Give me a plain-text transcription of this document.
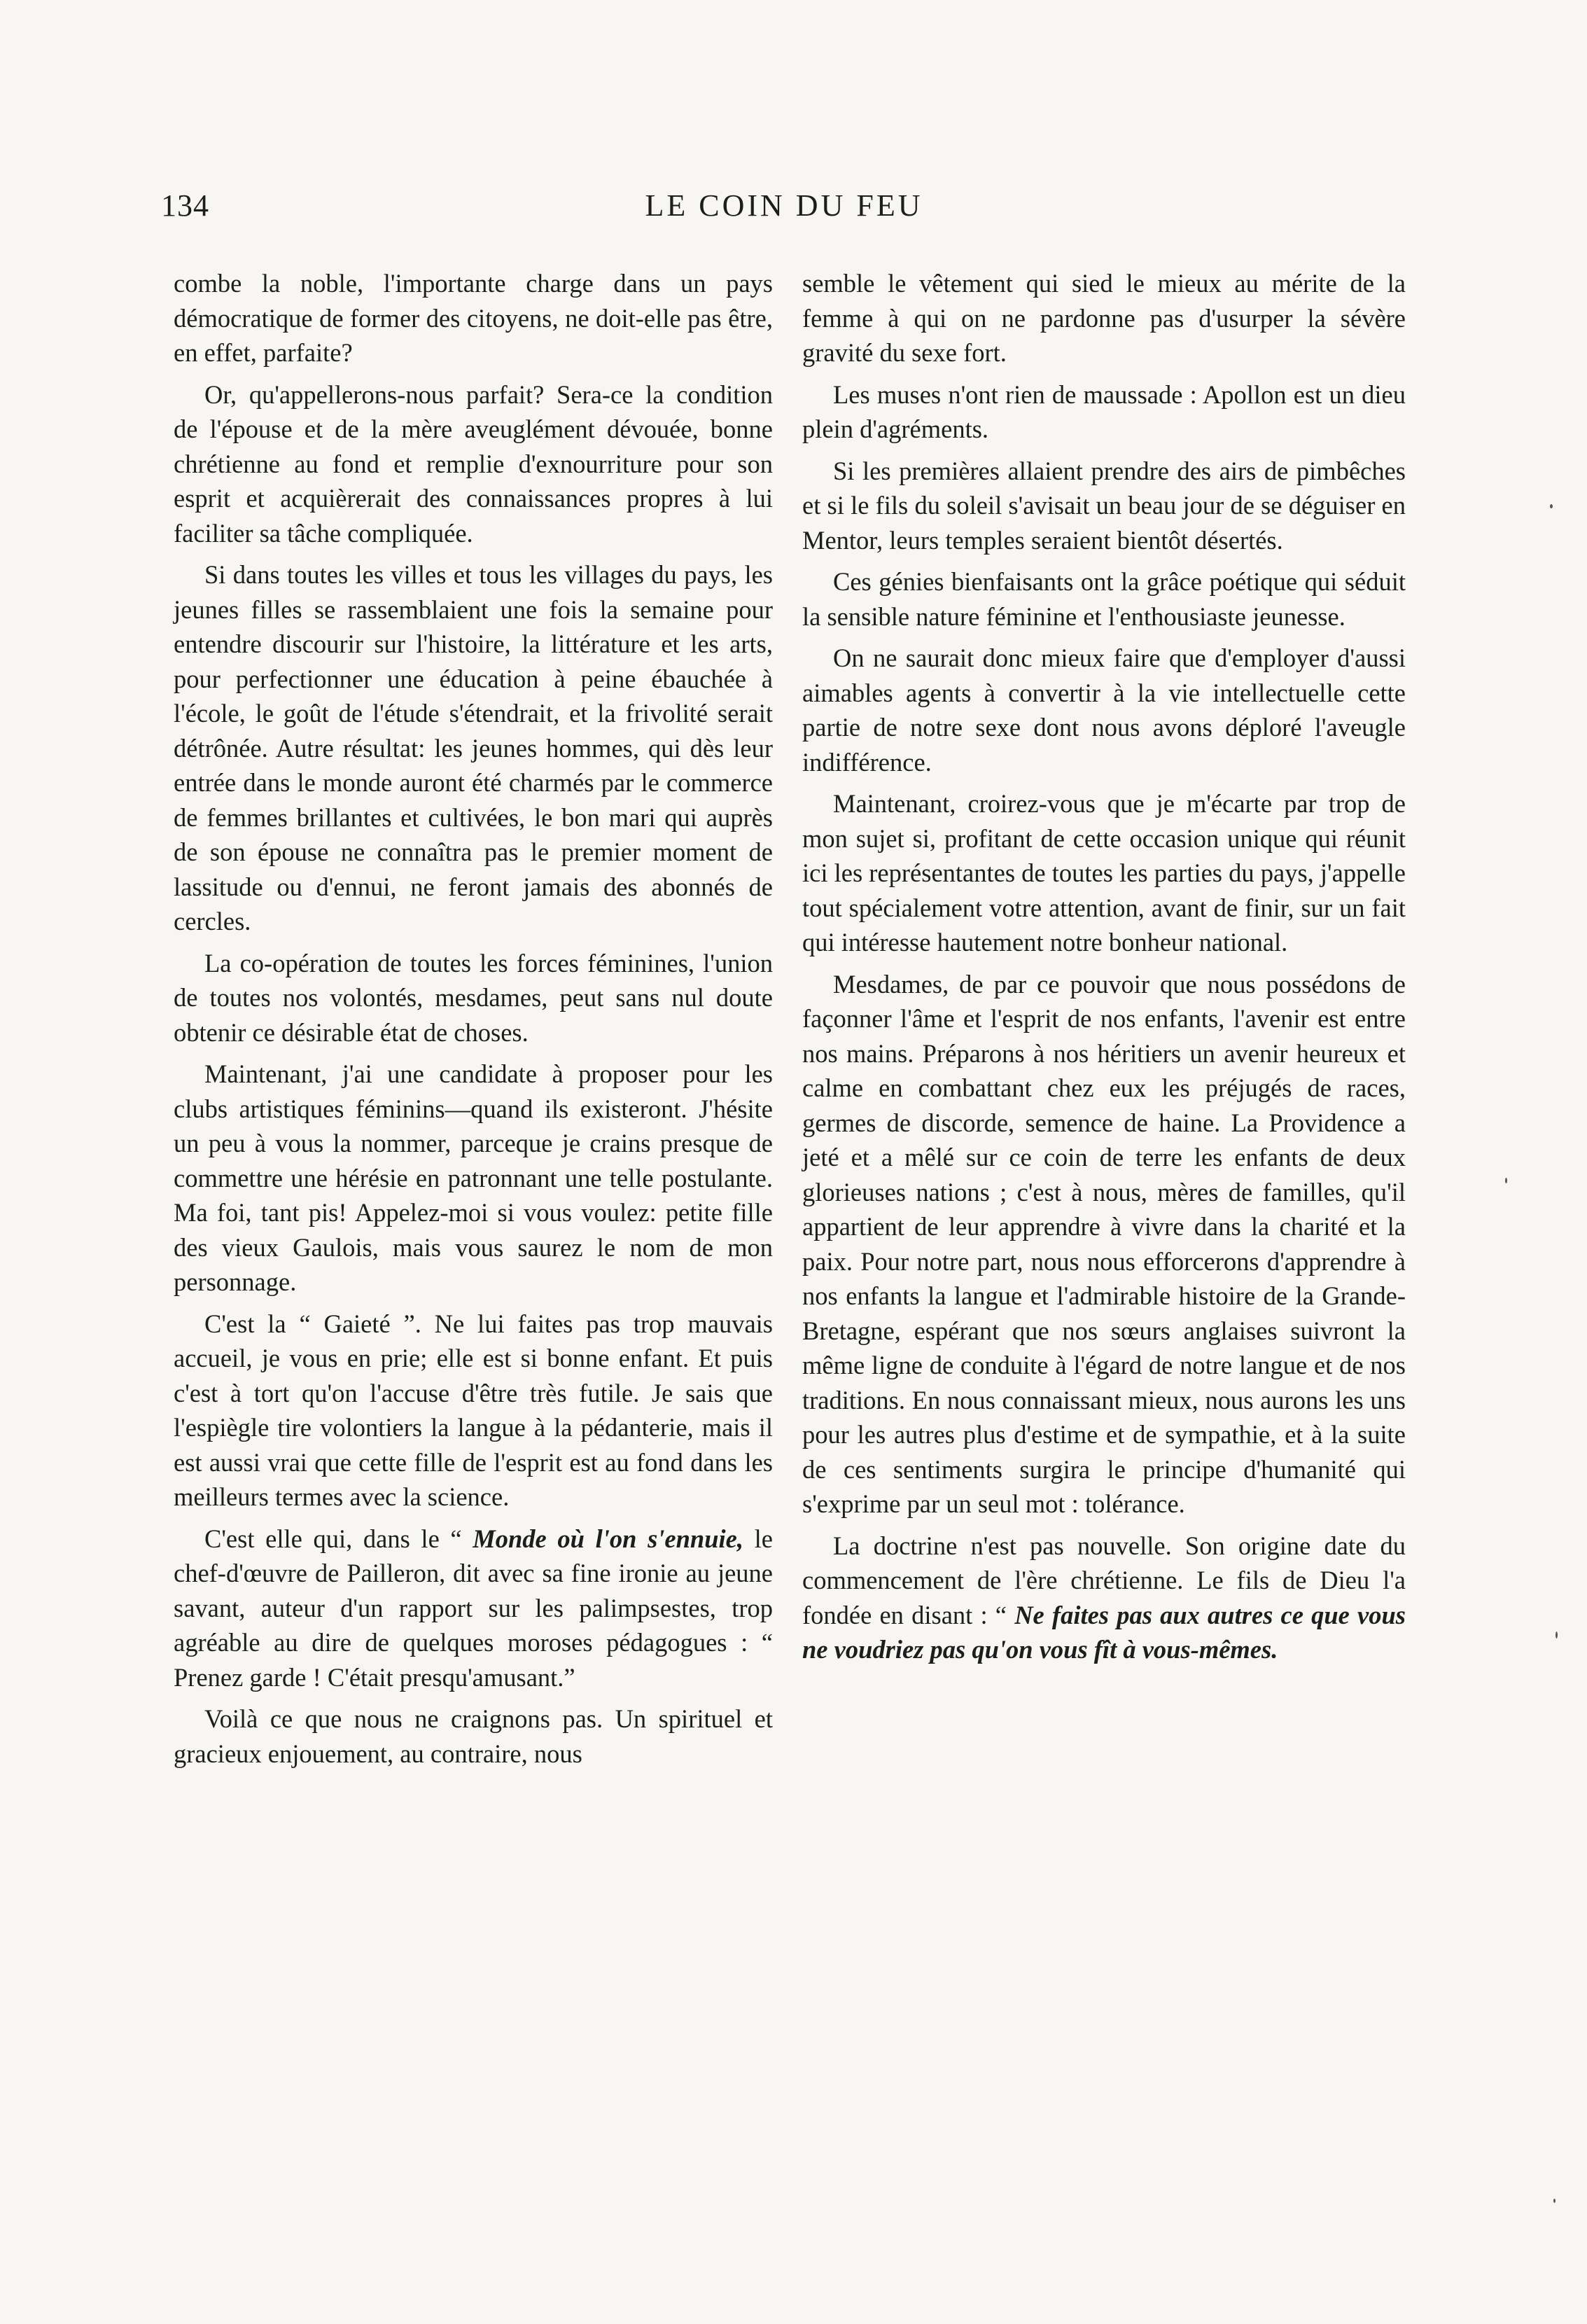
134	LE COIN DU FEU

combe la noble, l'importante charge dans un pays démocratique de former des citoyens, ne doit-elle pas être, en effet, parfaite?

Or, qu'appellerons-nous parfait? Sera-ce la condition de l'épouse et de la mère aveuglément dévouée, bonne chrétienne au fond et remplie d'exnourriture pour son esprit et acquièrerait des connaissances propres à lui faciliter sa tâche compliquée.

Si dans toutes les villes et tous les villages du pays, les jeunes filles se rassemblaient une fois la semaine pour entendre discourir sur l'histoire, la littérature et les arts, pour perfectionner une éducation à peine ébauchée à l'école, le goût de l'étude s'étendrait, et la frivolité serait détrônée. Autre résultat: les jeunes hommes, qui dès leur entrée dans le monde auront été charmés par le commerce de femmes brillantes et cultivées, le bon mari qui auprès de son épouse ne connaîtra pas le premier moment de lassitude ou d'ennui, ne feront jamais des abonnés de cercles.

La co-opération de toutes les forces féminines, l'union de toutes nos volontés, mesdames, peut sans nul doute obtenir ce désirable état de choses.

Maintenant, j'ai une candidate à proposer pour les clubs artistiques féminins—quand ils existeront. J'hésite un peu à vous la nommer, parceque je crains presque de commettre une hérésie en patronnant une telle postulante. Ma foi, tant pis! Appelez-moi si vous voulez: petite fille des vieux Gaulois, mais vous saurez le nom de mon personnage.

C'est la “ Gaieté ”. Ne lui faites pas trop mauvais accueil, je vous en prie; elle est si bonne enfant. Et puis c'est à tort qu'on l'accuse d'être très futile. Je sais que l'espiègle tire volontiers la langue à la pédanterie, mais il est aussi vrai que cette fille de l'esprit est au fond dans les meilleurs termes avec la science.

C'est elle qui, dans le “ Monde où l'on s'ennuie, le chef-d'œuvre de Pailleron, dit avec sa fine ironie au jeune savant, auteur d'un rapport sur les palimpsestes, trop agréable au dire de quelques moroses pédagogues : “ Prenez garde ! C'était presqu'amusant.”

Voilà ce que nous ne craignons pas. Un spirituel et gracieux enjouement, au contraire, nous

semble le vêtement qui sied le mieux au mérite de la femme à qui on ne pardonne pas d'usurper la sévère gravité du sexe fort.

Les muses n'ont rien de maussade : Apollon est un dieu plein d'agréments.

Si les premières allaient prendre des airs de pimbêches et si le fils du soleil s'avisait un beau jour de se déguiser en Mentor, leurs temples seraient bientôt désertés.

Ces génies bienfaisants ont la grâce poétique qui séduit la sensible nature féminine et l'enthousiaste jeunesse.

On ne saurait donc mieux faire que d'employer d'aussi aimables agents à convertir à la vie intellectuelle cette partie de notre sexe dont nous avons déploré l'aveugle indifférence.

Maintenant, croirez-vous que je m'écarte par trop de mon sujet si, profitant de cette occasion unique qui réunit ici les représentantes de toutes les parties du pays, j'appelle tout spécialement votre attention, avant de finir, sur un fait qui intéresse hautement notre bonheur national.

Mesdames, de par ce pouvoir que nous possédons de façonner l'âme et l'esprit de nos enfants, l'avenir est entre nos mains. Préparons à nos héritiers un avenir heureux et calme en combattant chez eux les préjugés de races, germes de discorde, semence de haine. La Providence a jeté et a mêlé sur ce coin de terre les enfants de deux glorieuses nations ; c'est à nous, mères de familles, qu'il appartient de leur apprendre à vivre dans la charité et la paix. Pour notre part, nous nous efforcerons d'apprendre à nos enfants la langue et l'admirable histoire de la Grande-Bretagne, espérant que nos sœurs anglaises suivront la même ligne de conduite à l'égard de notre langue et de nos traditions. En nous connaissant mieux, nous aurons les uns pour les autres plus d'estime et de sympathie, et à la suite de ces sentiments surgira le principe d'humanité qui s'exprime par un seul mot : tolérance.

La doctrine n'est pas nouvelle. Son origine date du commencement de l'ère chrétienne. Le fils de Dieu l'a fondée en disant : “ Ne faites pas aux autres ce que vous ne voudriez pas qu'on vous fît à vous-mêmes.
